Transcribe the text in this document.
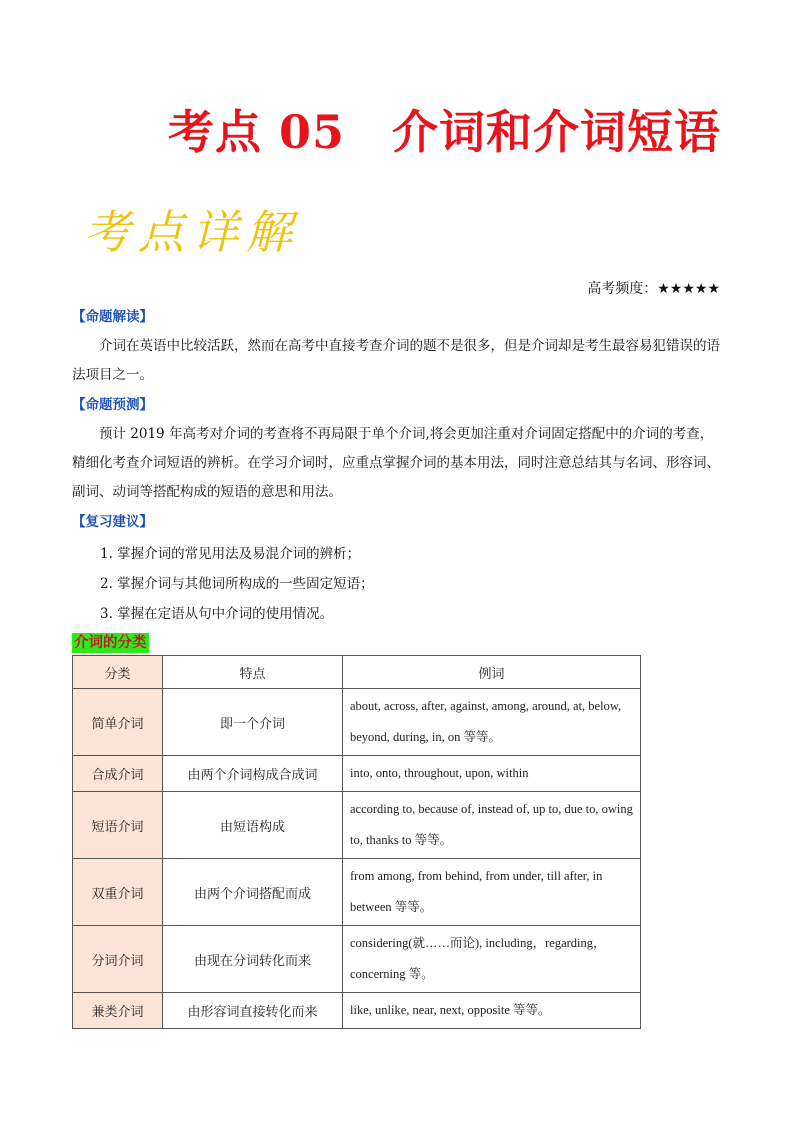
考点 05　介词和介词短语
考点详解
高考频度：★★★★★

【命题解读】

介词在英语中比较活跃，然而在高考中直接考查介词的题不是很多，但是介词却是考生最容易犯错误的语法项目之一。

【命题预测】

预计 2019 年高考对介词的考查将不再局限于单个介词,将会更加注重对介词固定搭配中的介词的考查，精细化考查介词短语的辨析。在学习介词时，应重点掌握介词的基本用法，同时注意总结其与名词、形容词、副词、动词等搭配构成的短语的意思和用法。

【复习建议】

1. 掌握介词的常见用法及易混介词的辨析；
2. 掌握介词与其他词所构成的一些固定短语；
3. 掌握在定语从句中介词的使用情况。
介词的分类
分类	特点	例词
简单介词	即一个介词	about, across, after, against, among, around, at, below, beyond, during, in, on 等等。
合成介词	由两个介词构成合成词	into, onto, throughout, upon, within
短语介词	由短语构成	according to, because of, instead of, up to, due to, owing to, thanks to 等等。
双重介词	由两个介词搭配而成	from among, from behind, from under, till after, in between 等等。
分词介词	由现在分词转化而来	considering(就……而论), including，regarding，concerning 等。
兼类介词	由形容词直接转化而来	like, unlike, near, next, opposite 等等。
